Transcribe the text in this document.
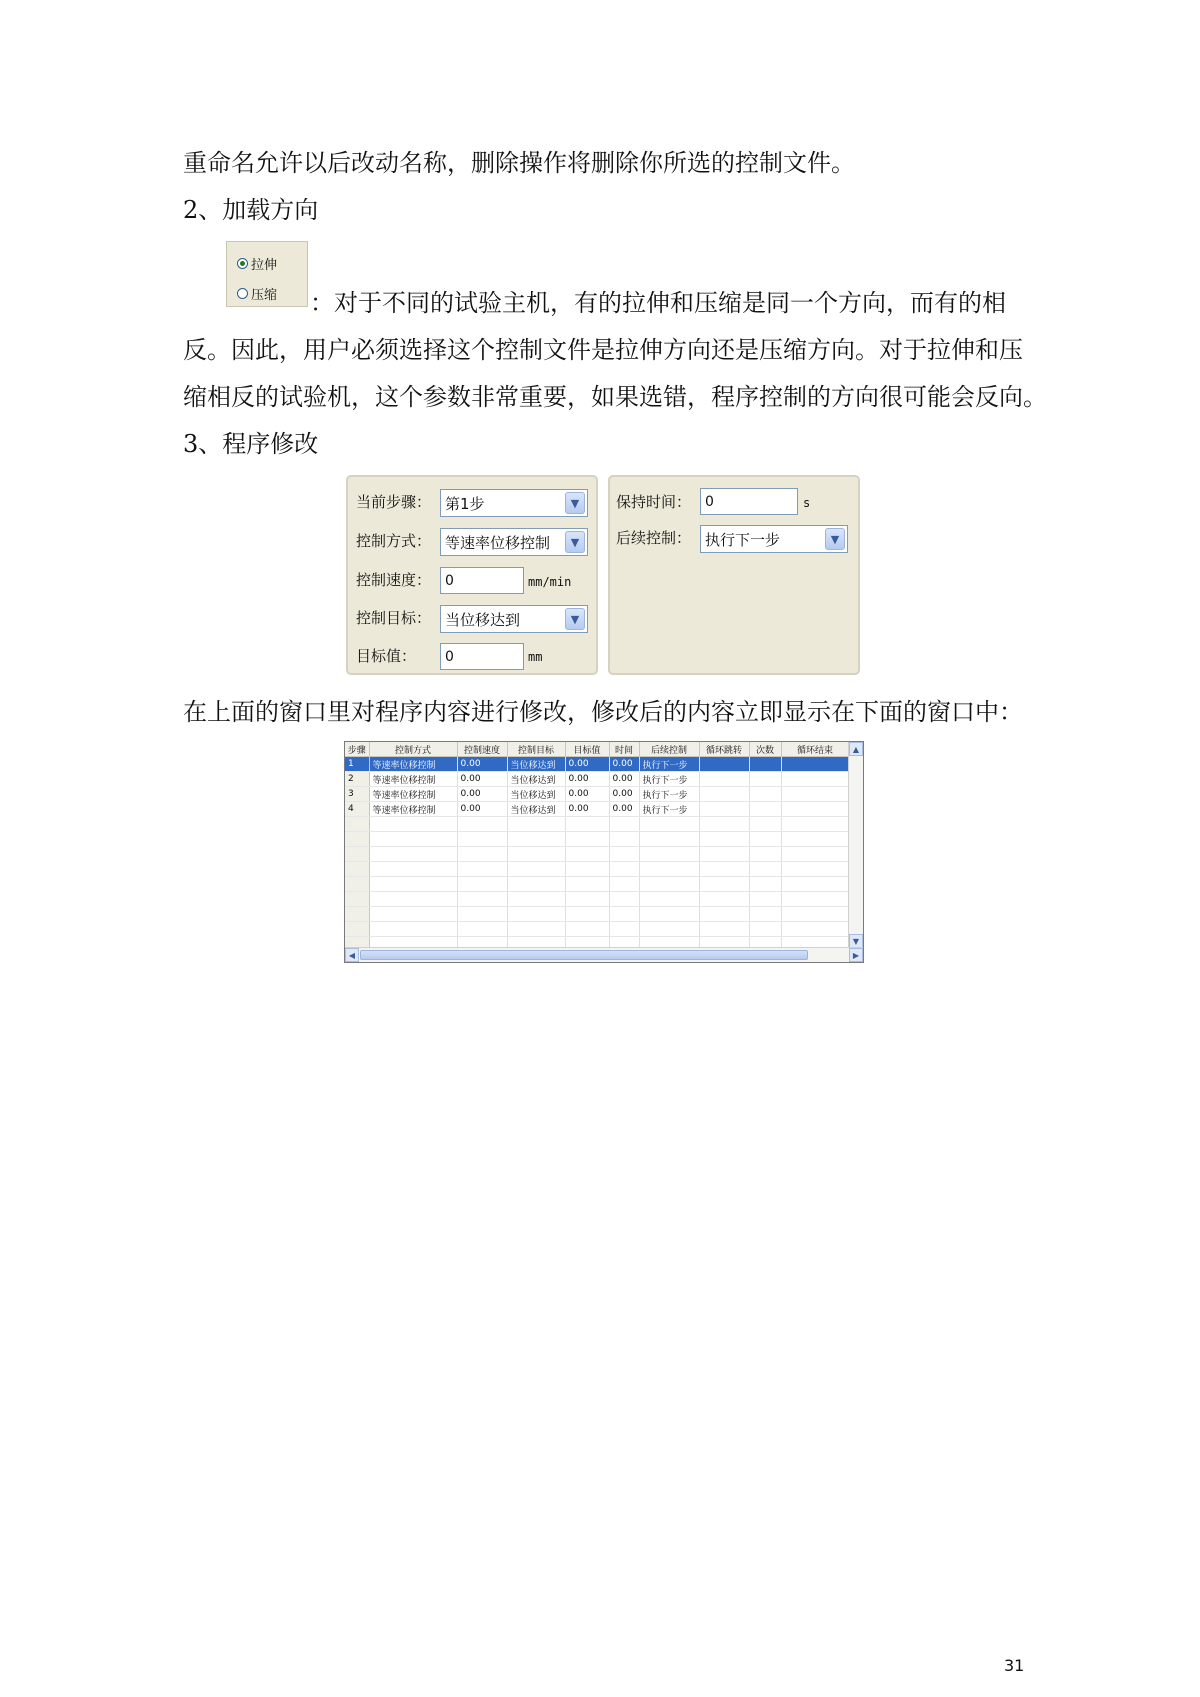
重命名允许以后改动名称，删除操作将删除你所选的控制文件。
2、加载方向
拉伸
压缩 ：对于不同的试验主机，有的拉伸和压缩是同一个方向，而有的相
反。因此，用户必须选择这个控制文件是拉伸方向还是压缩方向。对于拉伸和压
缩相反的试验机，这个参数非常重要，如果选错，程序控制的方向很可能会反向。
3、程序修改
当前步骤： 第1步	▼
控制方式： 等速率位移控制	▼
控制速度： 0	mm/min
控制目标： 当位移达到	▼
目标值： 0	mm
保持时间： 0	s
后续控制： 执行下一步	▼
在上面的窗口里对程序内容进行修改，修改后的内容立即显示在下面的窗口中：
步骤	控制方式	控制速度	控制目标	目标值	时间	后续控制	循环跳转	次数	循环结束
1	等速率位移控制	0.00	当位移达到	0.00	0.00	执行下一步			
2	等速率位移控制	0.00	当位移达到	0.00	0.00	执行下一步			
3	等速率位移控制	0.00	当位移达到	0.00	0.00	执行下一步			
4	等速率位移控制	0.00	当位移达到	0.00	0.00	执行下一步			

▲
▼
◀	▶
31
